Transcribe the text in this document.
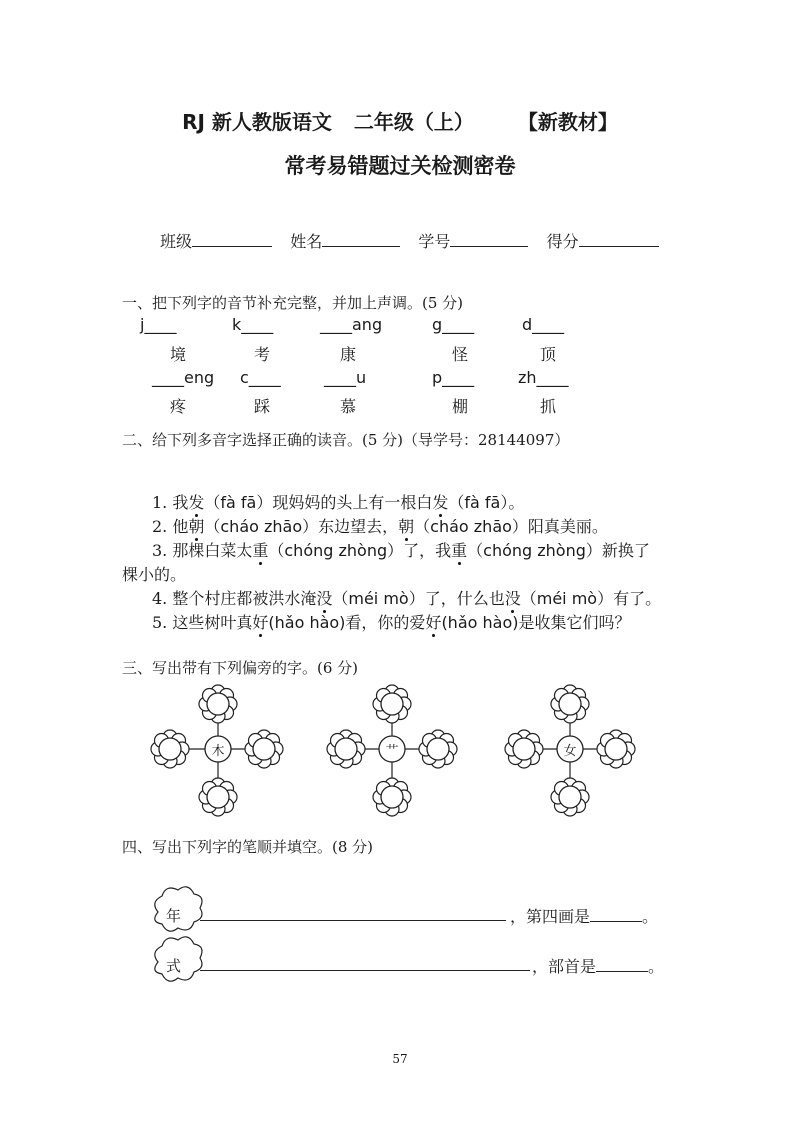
RJ 新人教版语文 二年级（上） 【新教材】
常考易错题过关检测密卷
班级	姓名	学号	得分
一、把下列字的音节补充完整，并加上声调。(5 分)
j____	k____	____ang	g____	d____
境	考	康	怪	顶
____eng	c____	____u	p____	zh____
疼	踩	慕	棚	抓
二、给下列多音字选择正确的读音。(5 分)（导学号：28144097）
1. 我发（fà fā）现妈妈的头上有一根白发（fà fā）。
2. 他朝（cháo zhāo）东边望去，朝（cháo zhāo）阳真美丽。
3. 那棵白菜太重（chóng zhòng）了，我重（chóng zhòng）新换了
棵小的。
4. 整个村庄都被洪水淹没（méi mò）了，什么也没（méi mò）有了。
5. 这些树叶真好(hǎo hào)看，你的爱好(hǎo hào)是收集它们吗？
三、写出带有下列偏旁的字。(6 分)
木	艹	女
四、写出下列字的笔顺并填空。(8 分)
年	，第四画是	。
式	，部首是	。
57
